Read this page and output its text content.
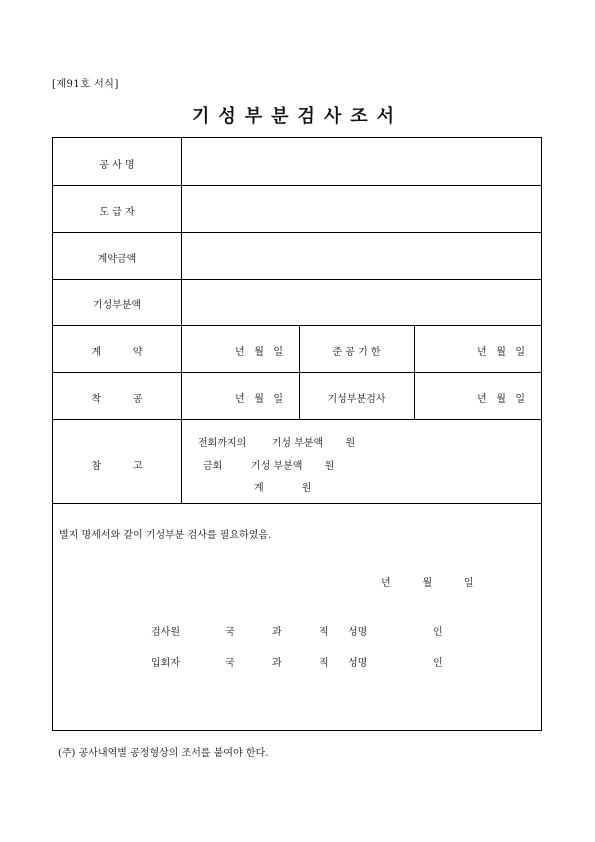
[제91호 서식]
기성부분검사조서
공 사 명
도 급 자
계약금액
기성부분액
계          약	년   월   일	준 공 기 한	년   월   일
착          공	년   월   일	기성부분검사	년   월   일
참          고
전회까지의        기성 부분액       원
금회         기성 부분액       원
계            원
별지 명세서와 같이 기성부분 검사를 필요하였음.
년          월          일
검사원	국	과	직 성명	인
입회자	국	과	직 성명	인
(주) 공사내역별 공정형상의 조서를 붙여야 한다.
